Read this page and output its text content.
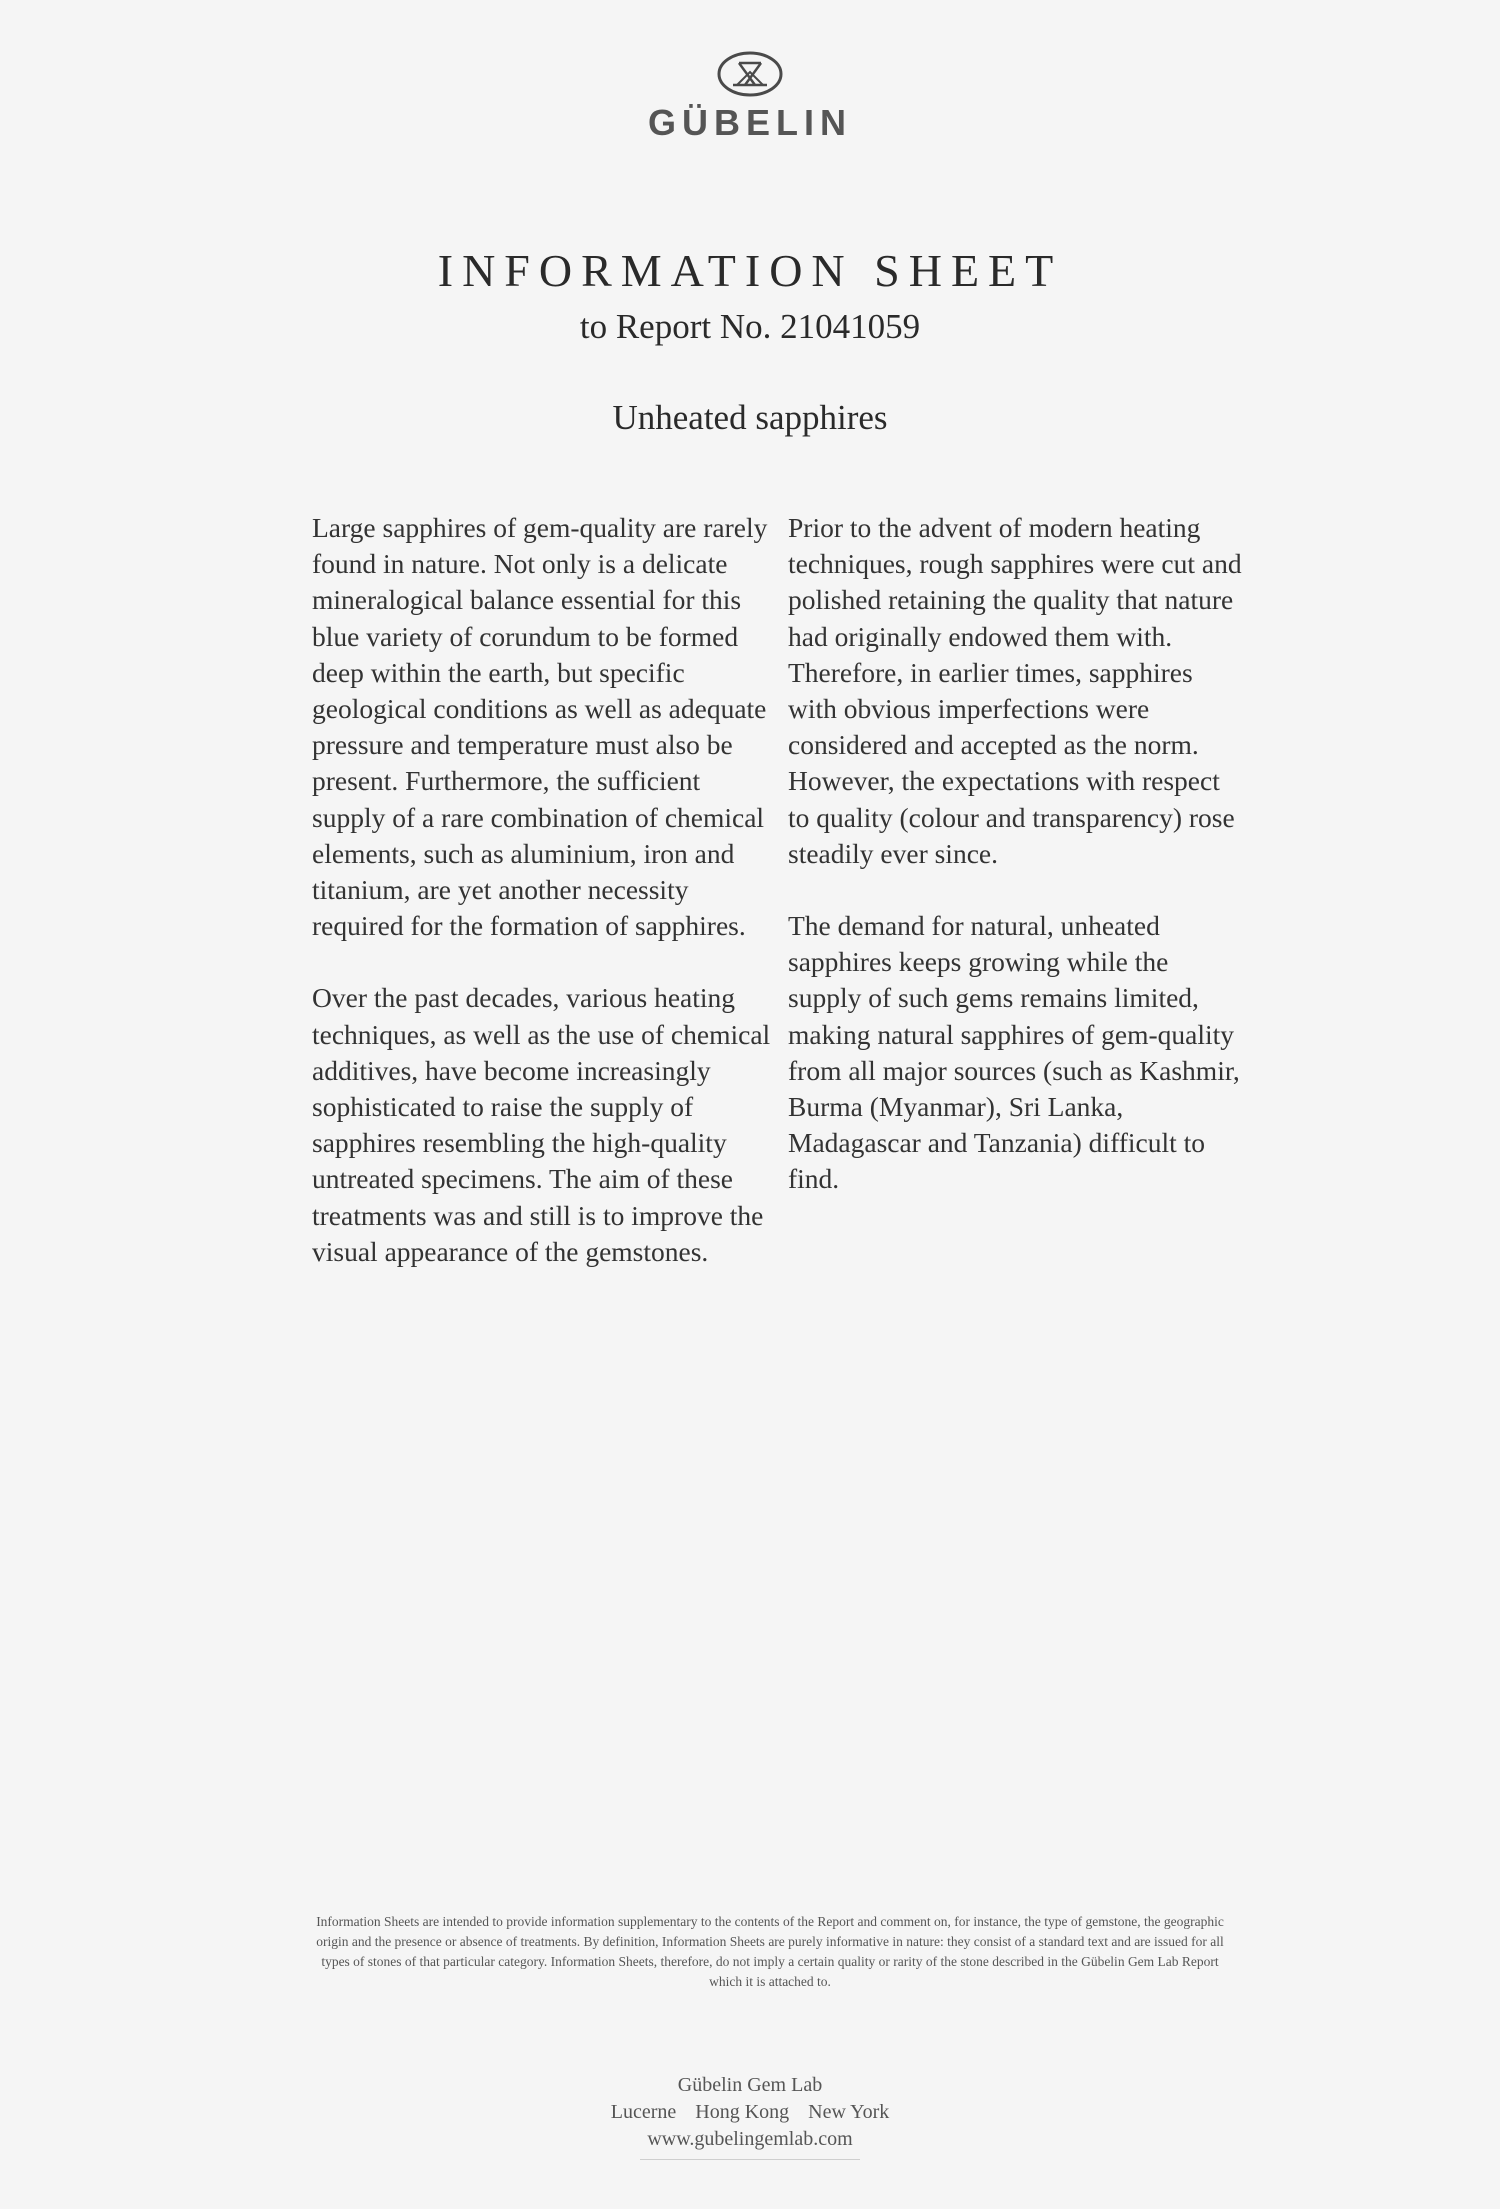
GÜBELIN
INFORMATION SHEET
to Report No. 21041059
Unheated sapphires

Large sapphires of gem-quality are rarely found in nature. Not only is a delicate mineralogical balance essential for this blue variety of corundum to be formed deep within the earth, but specific geological conditions as well as adequate pressure and temperature must also be present. Furthermore, the sufficient supply of a rare combination of chemical elements, such as aluminium, iron and titanium, are yet another necessity required for the formation of sapphires.

Over the past decades, various heating techniques, as well as the use of chemical additives, have become increasingly sophisticated to raise the supply of sapphires resembling the high-quality untreated specimens. The aim of these treatments was and still is to improve the visual appearance of the gemstones.

Prior to the advent of modern heating techniques, rough sapphires were cut and polished retaining the quality that nature had originally endowed them with. Therefore, in earlier times, sapphires with obvious imperfections were considered and accepted as the norm. However, the expectations with respect to quality (colour and transparency) rose steadily ever since.

The demand for natural, unheated sapphires keeps growing while the supply of such gems remains limited, making natural sapphires of gem-quality from all major sources (such as Kashmir, Burma (Myanmar), Sri Lanka, Madagascar and Tanzania) difficult to find.

Information Sheets are intended to provide information supplementary to the contents of the Report and comment on, for instance, the type of gemstone, the geographic origin and the presence or absence of treatments. By definition, Information Sheets are purely informative in nature: they consist of a standard text and are issued for all types of stones of that particular category. Information Sheets, therefore, do not imply a certain quality or rarity of the stone described in the Gübelin Gem Lab Report which it is attached to.
Gübelin Gem Lab
Lucerne Hong Kong New York
www.gubelingemlab.com
